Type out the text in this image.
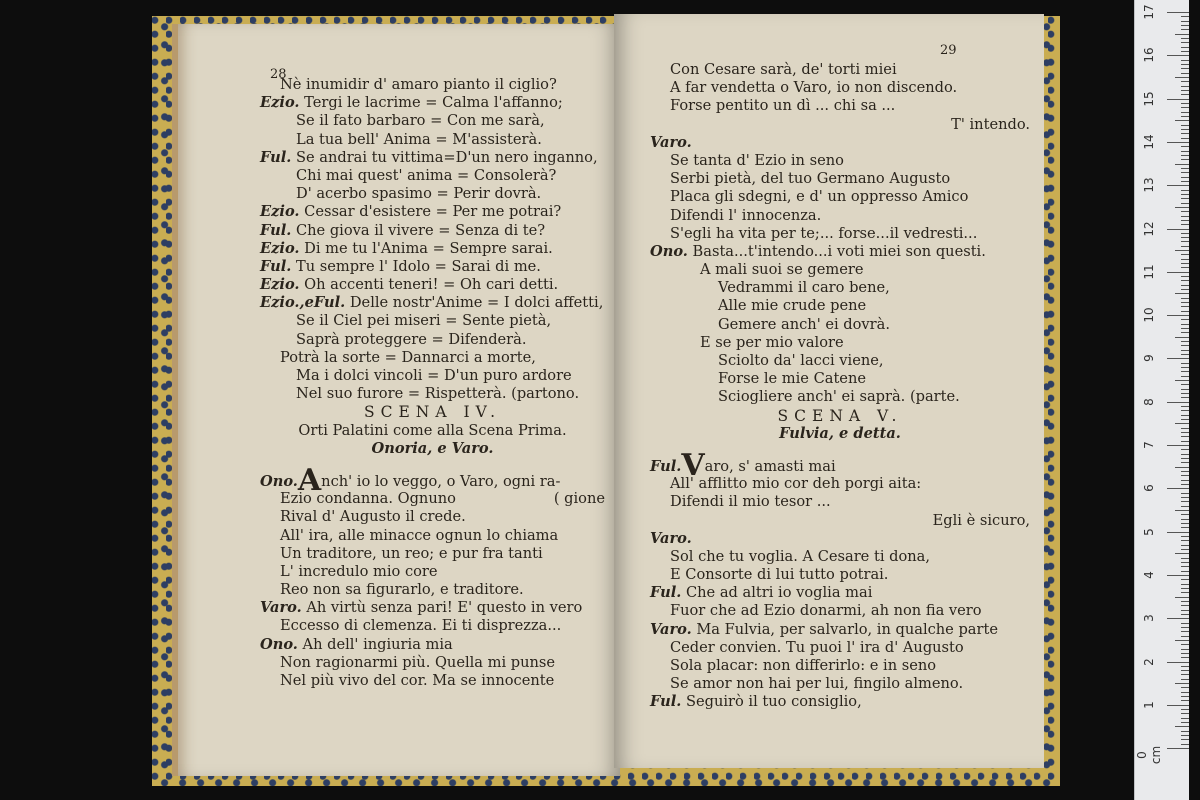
28
Nè inumidir d' amaro pianto il ciglio?
Ezio. Tergi le lacrime = Calma l'affanno;
Se il fato barbaro = Con me sarà,
La tua bell' Anima = M'assisterà.
Ful. Se andrai tu vittima=D'un nero inganno,
Chi mai quest' anima = Consolerà?
D' acerbo spasimo = Perir dovrà.
Ezio. Cessar d'esistere = Per me potrai?
Ful. Che giova il vivere = Senza di te?
Ezio. Di me tu l'Anima = Sempre sarai.
Ful. Tu sempre l' Idolo = Sarai di me.
Ezio. Oh accenti teneri! = Oh cari detti.
Ezio.,eFul. Delle nostr'Anime = I dolci affetti,
Se il Ciel pei miseri = Sente pietà,
Saprà proteggere = Difenderà.
Potrà la sorte = Dannarci a morte,
Ma i dolci vincoli = D'un puro ardore
Nel suo furore = Rispetterà. (partono.
SCENA IV.
Orti Palatini come alla Scena Prima.
Onoria, e Varo.
Ono.Anch' io lo veggo, o Varo, ogni ra-
Ezio condanna. Ognuno	( gione
Rival d' Augusto il crede.
All' ira, alle minacce ognun lo chiama
Un traditore, un reo; e pur fra tanti
L' incredulo mio core
Reo non sa figurarlo, e traditore.
Varo. Ah virtù senza pari! E' questo in vero
Eccesso di clemenza. Ei ti disprezza...
Ono. Ah dell' ingiuria mia
Non ragionarmi più. Quella mi punse
Nel più vivo del cor. Ma se innocente
29
Con Cesare sarà, de' torti miei
A far vendetta o Varo, io non discendo.
Forse pentito un dì ... chi sa ...
T' intendo.
Varo.
Se tanta d' Ezio in seno
Serbi pietà, del tuo Germano Augusto
Placa gli sdegni, e d' un oppresso Amico
Difendi l' innocenza.
S'egli ha vita per te;... forse...il vedresti...
Ono. Basta...t'intendo...i voti miei son questi.
A mali suoi se gemere
Vedrammi il caro bene,
Alle mie crude pene
Gemere anch' ei dovrà.
E se per mio valore
Sciolto da' lacci viene,
Forse le mie Catene
Sciogliere anch' ei saprà. (parte.
SCENA V.
Fulvia, e detta.
Ful.Varo, s' amasti mai
All' afflitto mio cor deh porgi aita:
Difendi il mio tesor ...
Egli è sicuro,
Varo.
Sol che tu voglia. A Cesare ti dona,
E Consorte di lui tutto potrai.
Ful. Che ad altri io voglia mai
Fuor che ad Ezio donarmi, ah non fia vero
Varo. Ma Fulvia, per salvarlo, in qualche parte
Ceder convien. Tu puoi l' ira d' Augusto
Sola placar: non differirlo: e in seno
Se amor non hai per lui, fingilo almeno.
Ful. Seguirò il tuo consiglio,
17
16
15
14
13
12
11
10
9
8
7
6
5
4
3
2
1
0 cm
